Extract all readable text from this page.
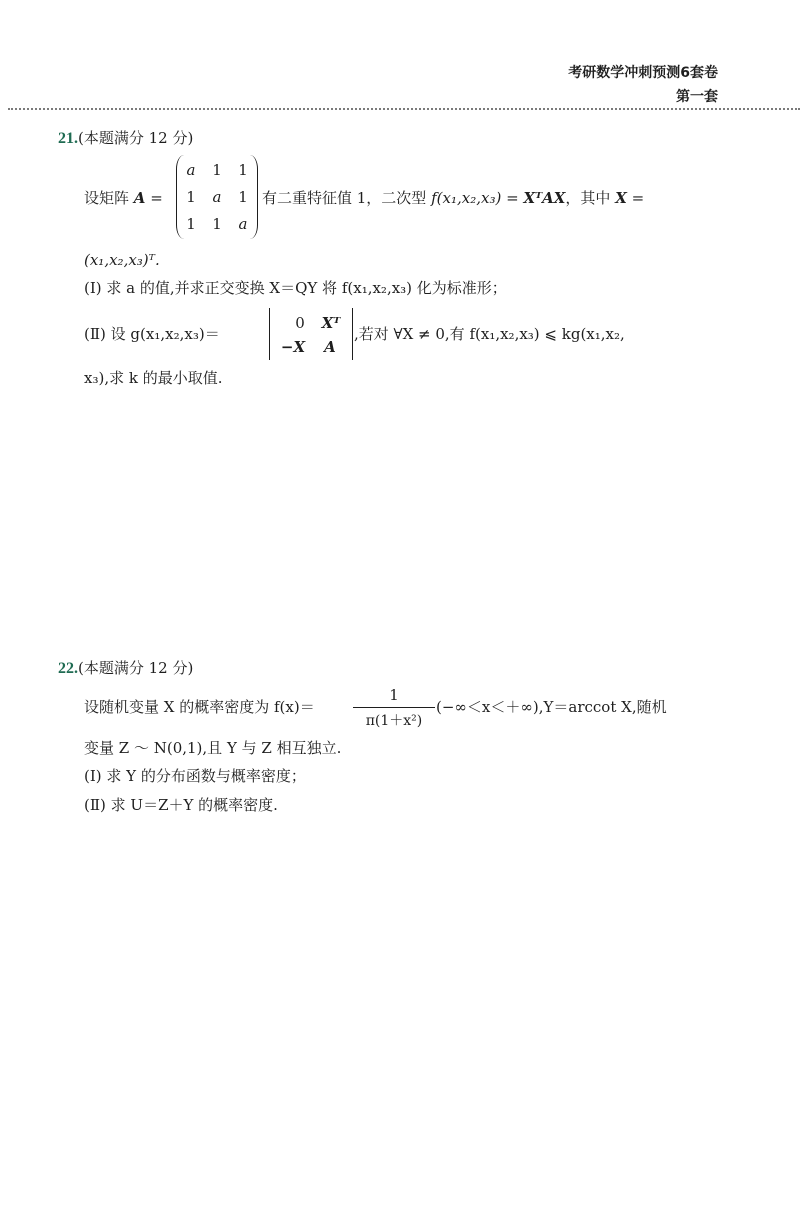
考研数学冲刺预测6套卷
第一套
21.(本题满分 12 分)
设矩阵 A =
a 1 1
1 a 1
1 1 a
有二重特征值 1，二次型 f(x₁,x₂,x₃) = XᵀAX，其中 X =
(x₁,x₂,x₃)ᵀ.
(Ⅰ) 求 a 的值,并求正交变换 X＝QY 将 f(x₁,x₂,x₃) 化为标准形；
(Ⅱ) 设 g(x₁,x₂,x₃)＝
0 Xᵀ
−X A
,若对 ∀X ≠ 0,有 f(x₁,x₂,x₃) ⩽ kg(x₁,x₂,
x₃),求 k 的最小取值.
22.(本题满分 12 分)
设随机变量 X 的概率密度为 f(x)＝
1
π(1＋x²)
(−∞＜x＜＋∞),Y＝arccot X,随机
变量 Z ～ N(0,1),且 Y 与 Z 相互独立.
(Ⅰ) 求 Y 的分布函数与概率密度；
(Ⅱ) 求 U＝Z＋Y 的概率密度.
